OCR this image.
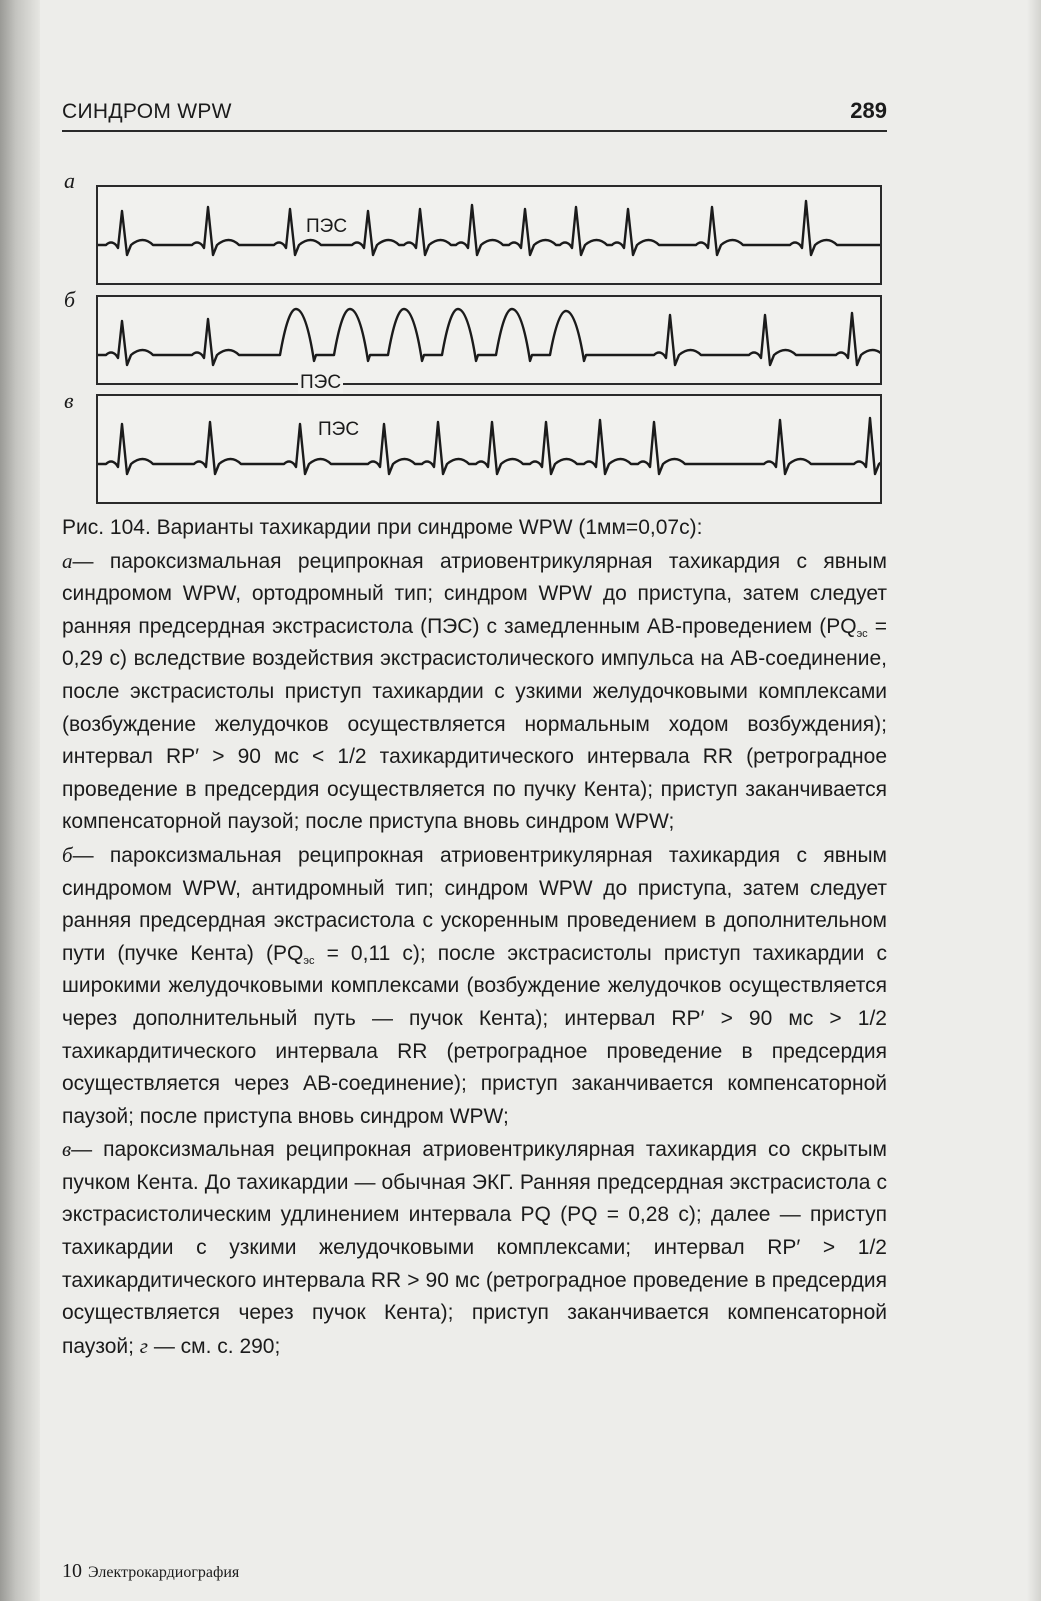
СИНДРОМ WPW	289
а
ПЭС
б
ПЭС
в
ПЭС

Рис. 104. Варианты тахикардии при синдроме WPW (1мм=0,07с):

а— пароксизмальная реципрокная атриовентрикулярная тахикардия с явным синдромом WPW, ортодромный тип; синдром WPW до приступа, затем следует ранняя предсердная экстрасистола (ПЭС) с замедленным АВ-проведением ($PQ_{эс} = 0,29$ с) вследствие воздействия экстрасистолического импульса на АВ-соединение, после экстрасистолы приступ тахикардии с узкими желудочковыми комплексами (возбуждение желудочков осуществляется нормальным ходом возбуждения); интервал RP′ > 90 мс < 1/2 тахикардитического интервала RR (ретроградное проведение в предсердия осуществляется по пучку Кента); приступ заканчивается компенсаторной паузой; после приступа вновь синдром WPW;

б— пароксизмальная реципрокная атриовентрикулярная тахикардия с явным синдромом WPW, антидромный тип; синдром WPW до приступа, затем следует ранняя предсердная экстрасистола с ускоренным проведением в дополнительном пути (пучке Кента) ($PQ_{эс} = 0,11$ с); после экстрасистолы приступ тахикардии с широкими желудочковыми комплексами (возбуждение желудочков осуществляется через дополнительный путь — пучок Кента); интервал RP′ > 90 мс > 1/2 тахикардитического интервала RR (ретроградное проведение в предсердия осуществляется через АВ-соединение); приступ заканчивается компенсаторной паузой; после приступа вновь синдром WPW;

в— пароксизмальная реципрокная атриовентрикулярная тахикардия со скрытым пучком Кента. До тахикардии — обычная ЭКГ. Ранняя предсердная экстрасистола с экстрасистолическим удлинением интервала PQ (PQ = 0,28 с); далее — приступ тахикардии с узкими желудочковыми комплексами; интервал RP′ > 1/2 тахикардитического интервала RR > 90 мс (ретроградное проведение в предсердия осуществляется через пучок Кента); приступ заканчивается компенсаторной паузой; г — см. с. 290;

10 Электрокардиография
